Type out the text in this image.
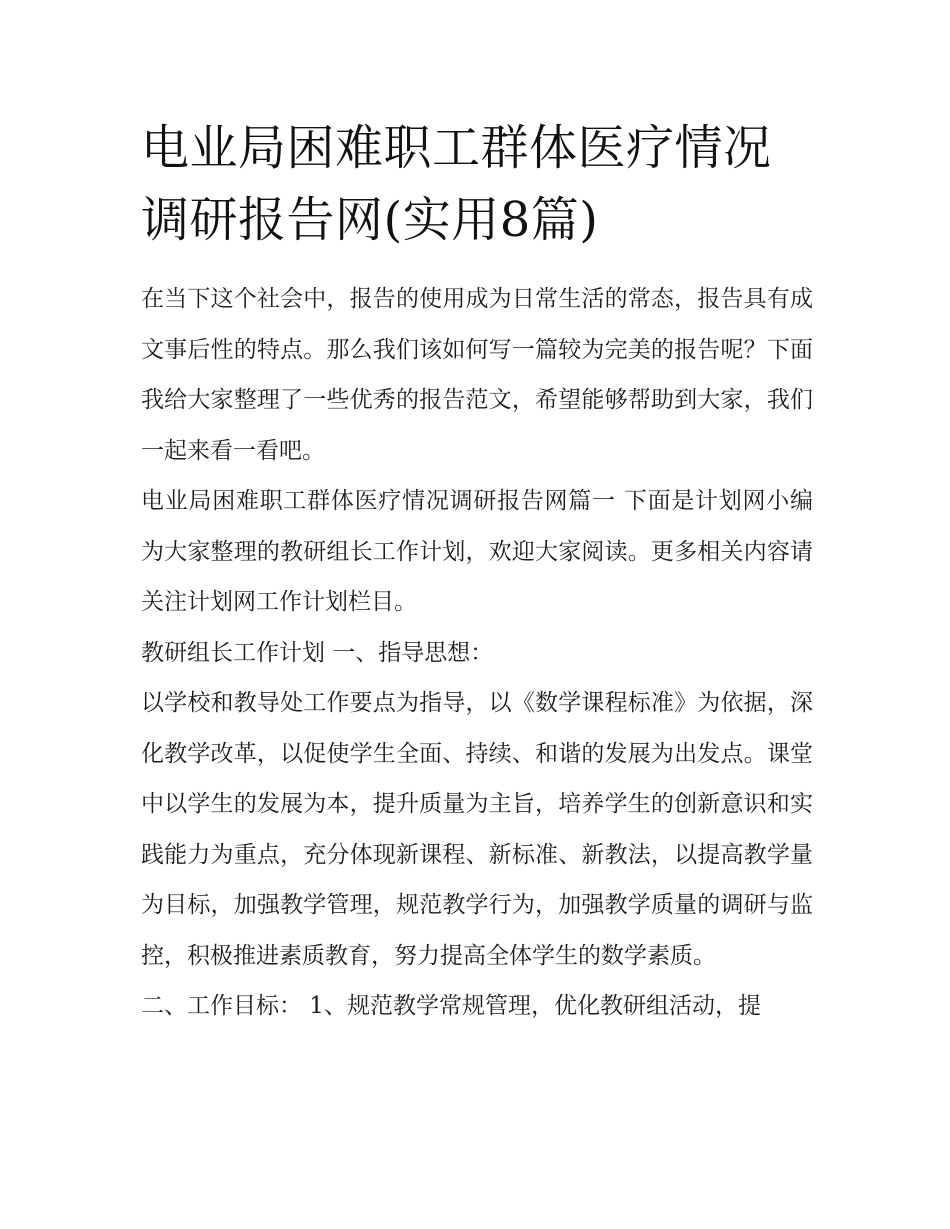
电业局困难职工群体医疗情况调研报告网(实用8篇)

在当下这个社会中，报告的使用成为日常生活的常态，报告具有成文事后性的特点。那么我们该如何写一篇较为完美的报告呢？下面我给大家整理了一些优秀的报告范文，希望能够帮助到大家，我们一起来看一看吧。

电业局困难职工群体医疗情况调研报告网篇一 下面是计划网小编为大家整理的教研组长工作计划，欢迎大家阅读。更多相关内容请关注计划网工作计划栏目。

教研组长工作计划 一、指导思想：

以学校和教导处工作要点为指导，以《数学课程标准》为依据，深化教学改革，以促使学生全面、持续、和谐的发展为出发点。课堂中以学生的发展为本，提升质量为主旨，培养学生的创新意识和实践能力为重点，充分体现新课程、新标准、新教法，以提高教学量为目标，加强教学管理，规范教学行为，加强教学质量的调研与监控，积极推进素质教育，努力提高全体学生的数学素质。

二、工作目标： 1、规范教学常规管理，优化教研组活动，提
